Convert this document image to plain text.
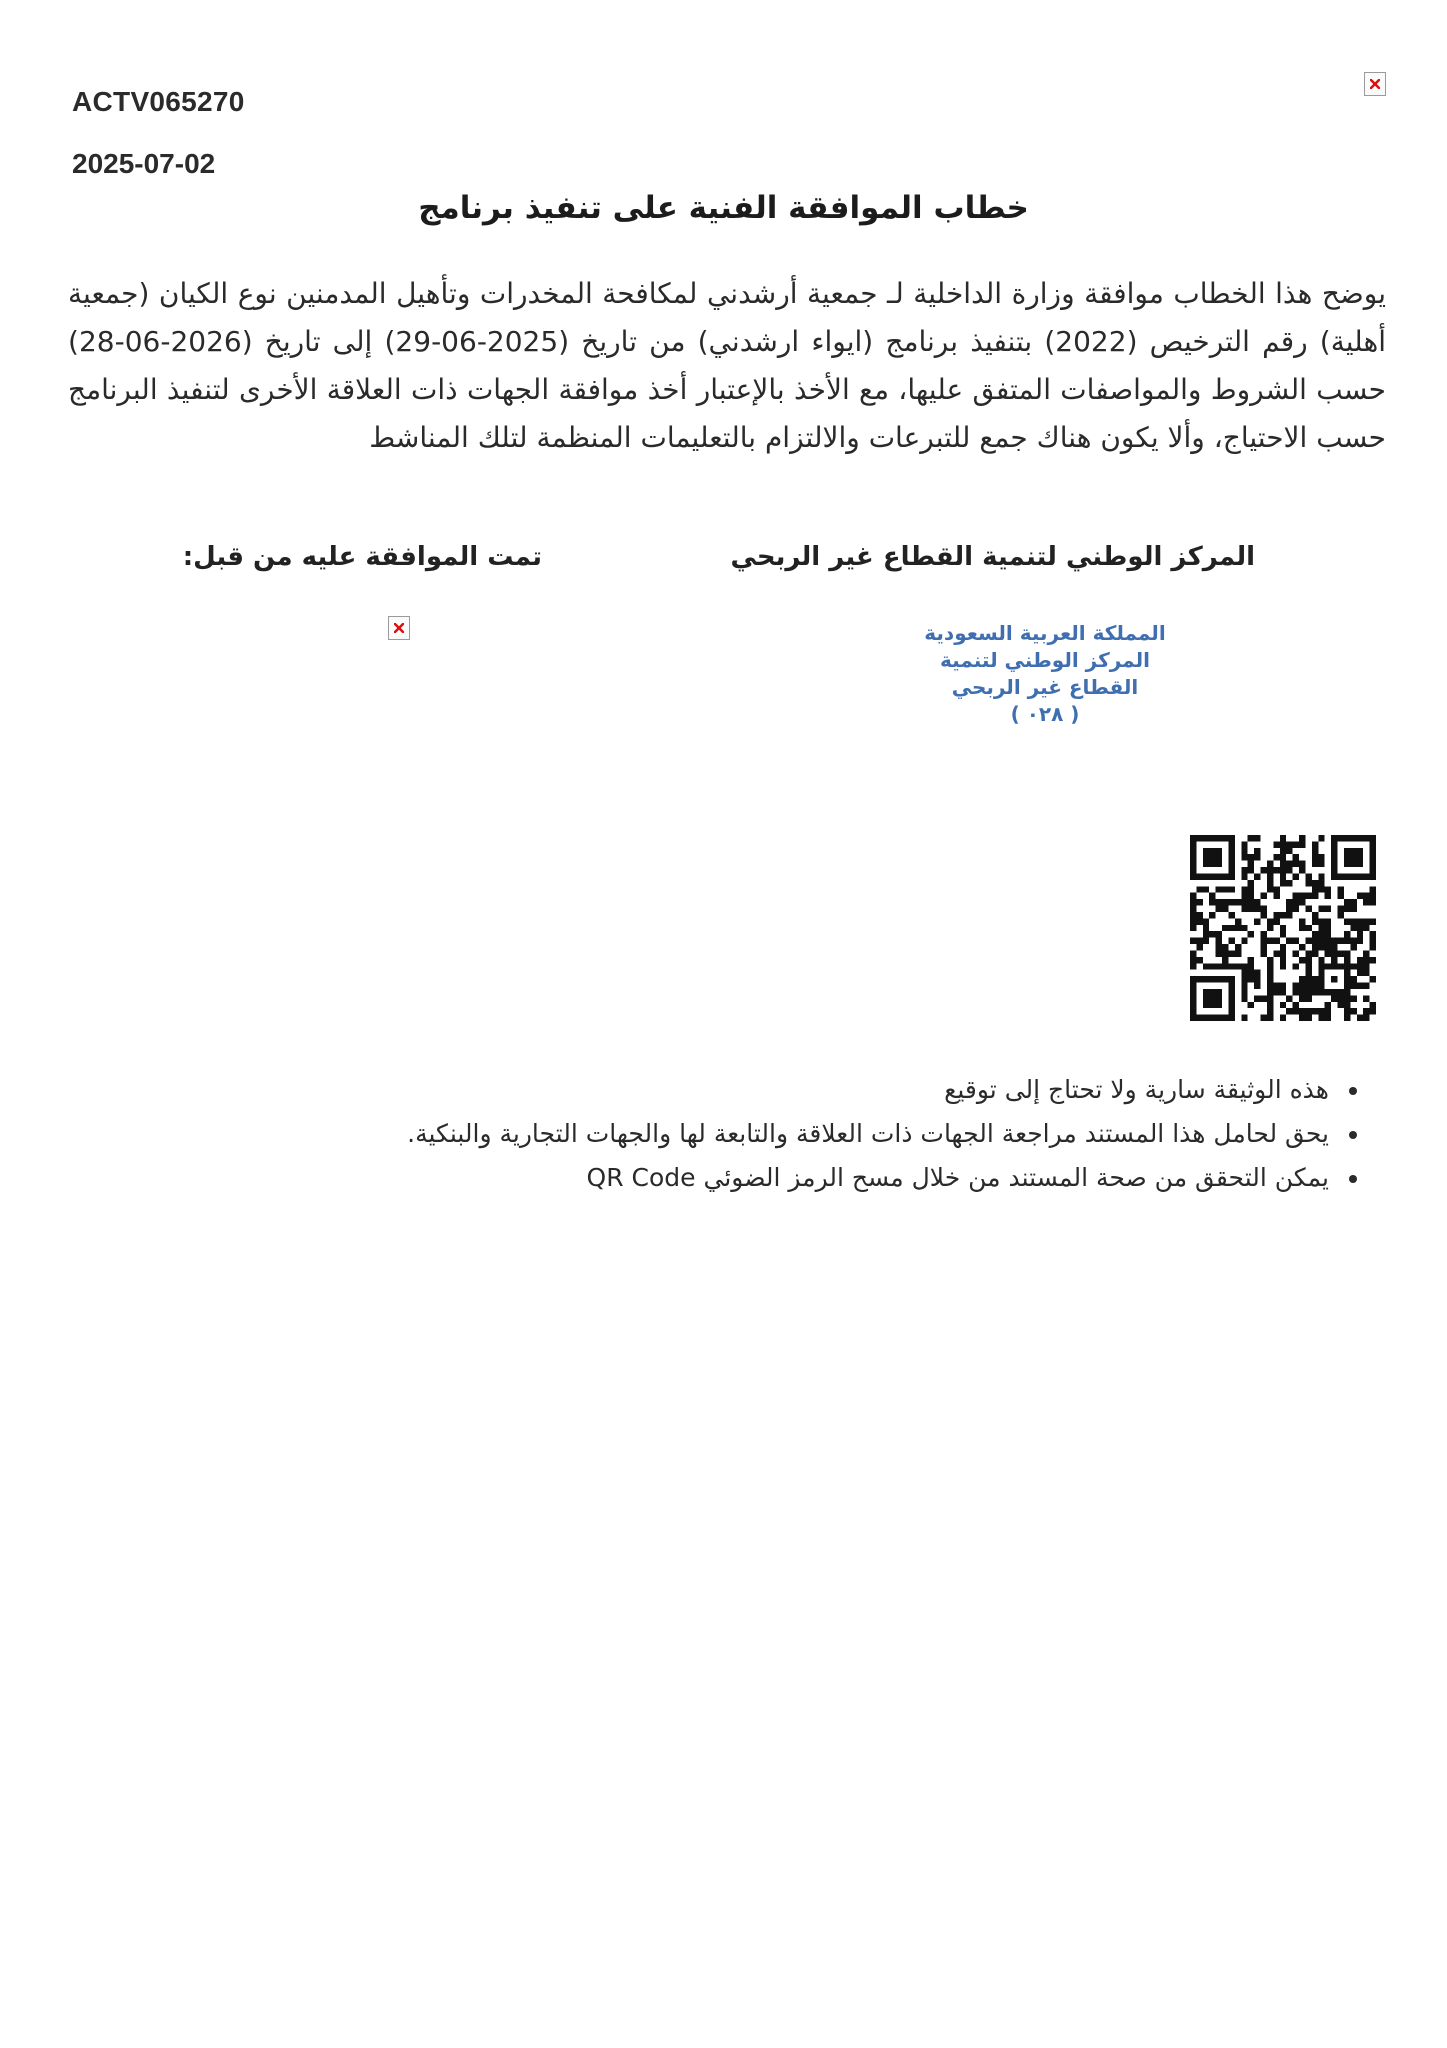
ACTV065270
2025-07-02
خطاب الموافقة الفنية على تنفيذ برنامج
يوضح هذا الخطاب موافقة وزارة الداخلية لـ جمعية أرشدني لمكافحة المخدرات وتأهيل المدمنين نوع الكيان (جمعية أهلية) رقم الترخيص (2022) بتنفيذ برنامج (ايواء ارشدني) من تاريخ (2025-06-29) إلى تاريخ (2026-06-28) حسب الشروط والمواصفات المتفق عليها، مع الأخذ بالإعتبار أخذ موافقة الجهات ذات العلاقة الأخرى لتنفيذ البرنامج حسب الاحتياج، وألا يكون هناك جمع للتبرعات والالتزام بالتعليمات المنظمة لتلك المناشط
المركز الوطني لتنمية القطاع غير الربحي
تمت الموافقة عليه من قبل:
المملكة العربية السعودية
المركز الوطني لتنمية
القطاع غير الربحي
( ٠٢٨ )
هذه الوثيقة سارية ولا تحتاج إلى توقيع
يحق لحامل هذا المستند مراجعة الجهات ذات العلاقة والتابعة لها والجهات التجارية والبنكية.
يمكن التحقق من صحة المستند من خلال مسح الرمز الضوئي QR Code
